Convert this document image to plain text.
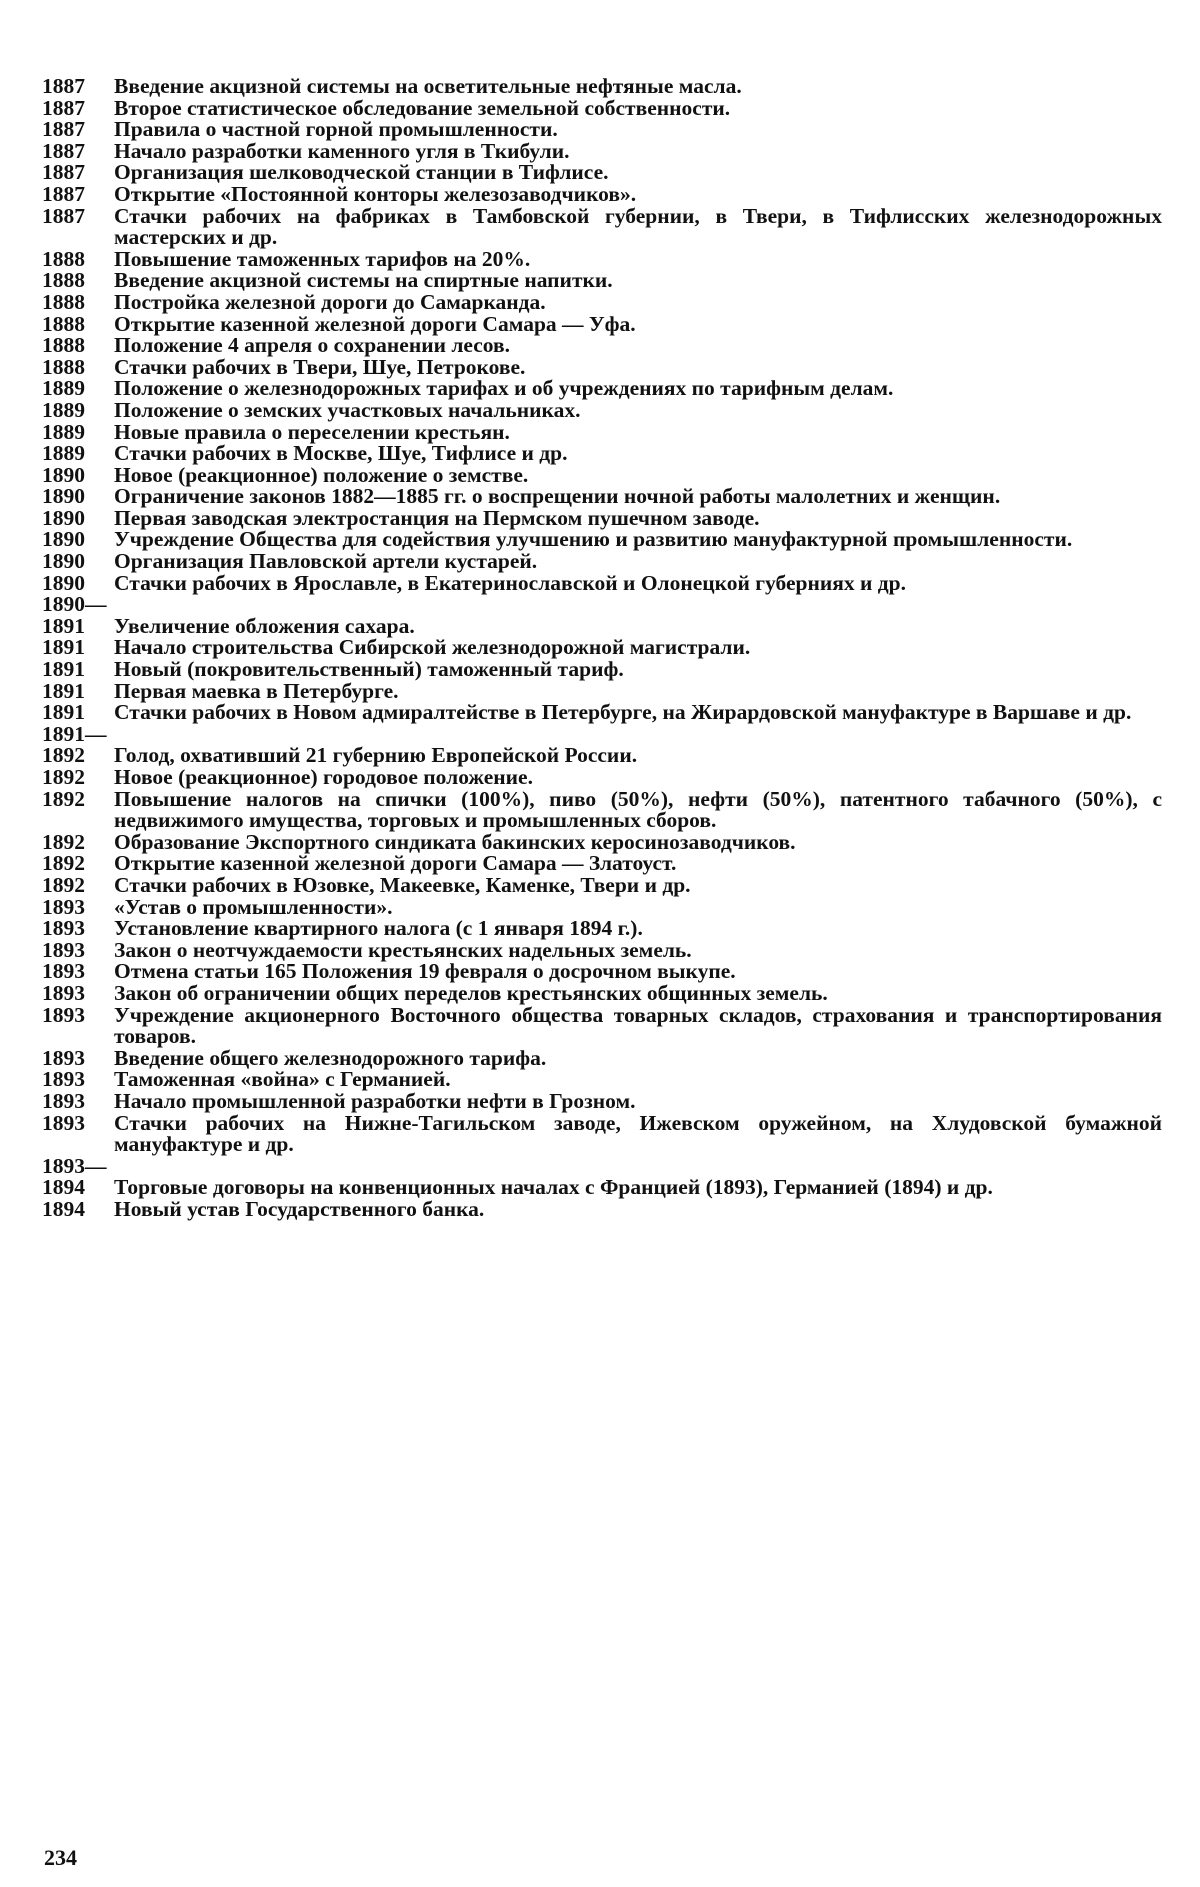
1887	Введение акцизной системы на осветительные нефтяные масла.
1887	Второе статистическое обследование земельной собственности.
1887	Правила о частной горной промышленности.
1887	Начало разработки каменного угля в Ткибули.
1887	Организация шелководческой станции в Тифлисе.
1887	Открытие «Постоянной конторы железозаводчиков».
1887	Стачки рабочих на фабриках в Тамбовской губернии, в Твери, в Тифлисских железнодорожных мастерских и др.
1888	Повышение таможенных тарифов на 20%.
1888	Введение акцизной системы на спиртные напитки.
1888	Постройка железной дороги до Самарканда.
1888	Открытие казенной железной дороги Самара — Уфа.
1888	Положение 4 апреля о сохранении лесов.
1888	Стачки рабочих в Твери, Шуе, Петрокове.
1889	Положение о железнодорожных тарифах и об учреждениях по тарифным делам.
1889	Положение о земских участковых начальниках.
1889	Новые правила о переселении крестьян.
1889	Стачки рабочих в Москве, Шуе, Тифлисе и др.
1890	Новое (реакционное) положение о земстве.
1890	Ограничение законов 1882—1885 гг. о воспрещении ночной работы малолетних и женщин.
1890	Первая заводская электростанция на Пермском пушечном заводе.
1890	Учреждение Общества для содействия улучшению и развитию мануфактурной промышленности.
1890	Организация Павловской артели кустарей.
1890	Стачки рабочих в Ярославле, в Екатеринославской и Олонецкой губерниях и др.
1890—
1891	Увеличение обложения сахара.
1891	Начало строительства Сибирской железнодорожной магистрали.
1891	Новый (покровительственный) таможенный тариф.
1891	Первая маевка в Петербурге.
1891	Стачки рабочих в Новом адмиралтействе в Петербурге, на Жирардовской мануфактуре в Варшаве и др.
1891—
1892	Голод, охвативший 21 губернию Европейской России.
1892	Новое (реакционное) городовое положение.
1892	Повышение налогов на спички (100%), пиво (50%), нефти (50%), патентного табачного (50%), с недвижимого имущества, торговых и промышленных сборов.
1892	Образование Экспортного синдиката бакинских керосинозаводчиков.
1892	Открытие казенной железной дороги Самара — Златоуст.
1892	Стачки рабочих в Юзовке, Макеевке, Каменке, Твери и др.
1893	«Устав о промышленности».
1893	Установление квартирного налога (с 1 января 1894 г.).
1893	Закон о неотчуждаемости крестьянских надельных земель.
1893	Отмена статьи 165 Положения 19 февраля о досрочном выкупе.
1893	Закон об ограничении общих переделов крестьянских общинных земель.
1893	Учреждение акционерного Восточного общества товарных складов, страхования и транспортирования товаров.
1893	Введение общего железнодорожного тарифа.
1893	Таможенная «война» с Германией.
1893	Начало промышленной разработки нефти в Грозном.
1893	Стачки рабочих на Нижне-Тагильском заводе, Ижевском оружейном, на Хлудовской бумажной мануфактуре и др.
1893—
1894	Торговые договоры на конвенционных началах с Францией (1893), Германией (1894) и др.
1894	Новый устав Государственного банка.
234
